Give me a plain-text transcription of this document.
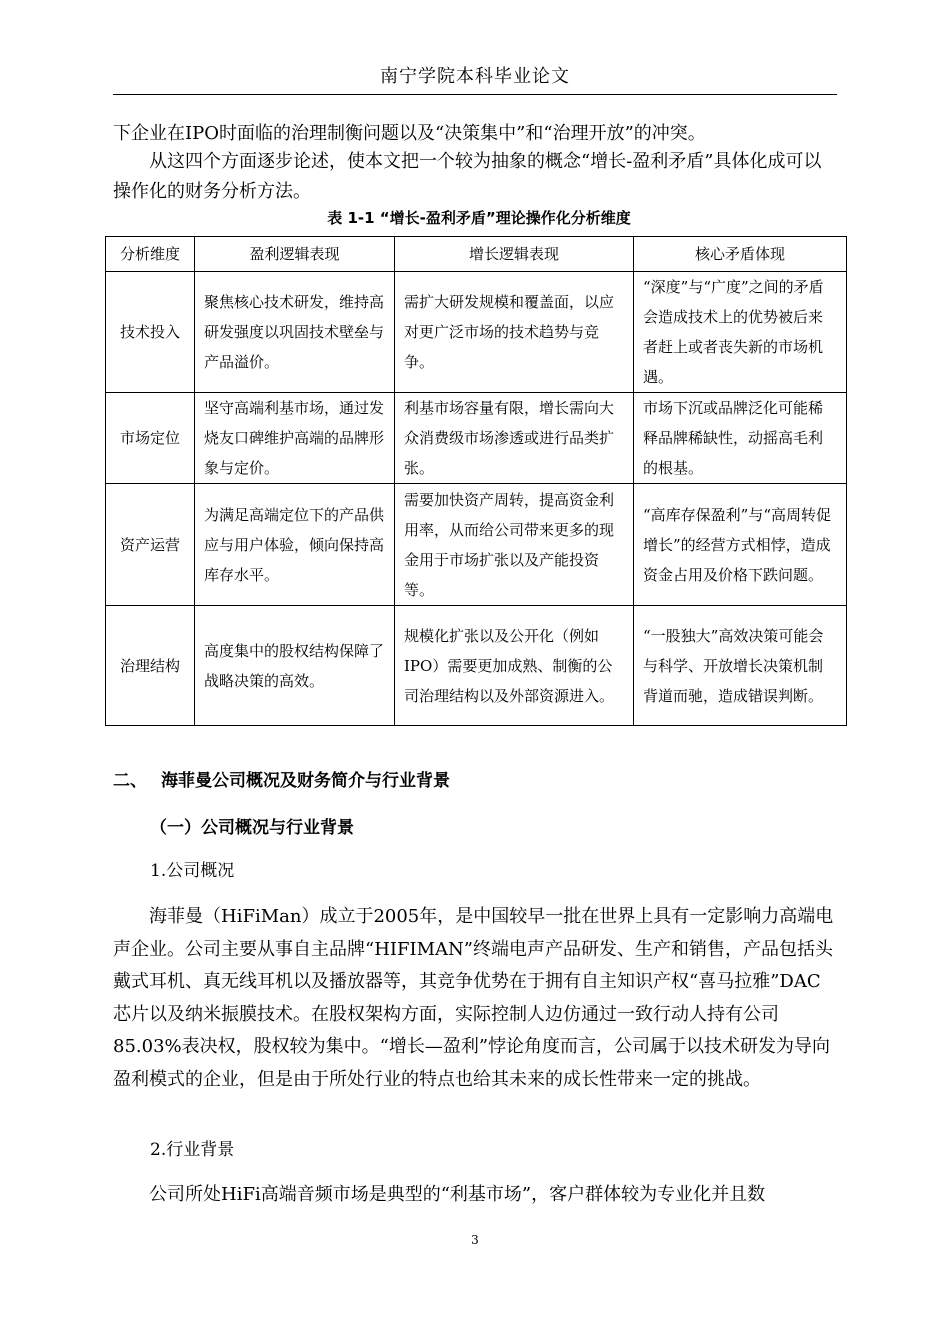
南宁学院本科毕业论文

下企业在IPO时面临的治理制衡问题以及“决策集中”和“治理开放”的冲突。

从这四个方面逐步论述，使本文把一个较为抽象的概念“增长-盈利矛盾”具体化成可以操作化的财务分析方法。

表 1-1 “增长-盈利矛盾”理论操作化分析维度
分析维度	盈利逻辑表现	增长逻辑表现	核心矛盾体现
技术投入	聚焦核心技术研发，维持高研发强度以巩固技术壁垒与产品溢价。	需扩大研发规模和覆盖面，以应对更广泛市场的技术趋势与竞争。	“深度”与“广度”之间的矛盾会造成技术上的优势被后来者赶上或者丧失新的市场机遇。
市场定位	坚守高端利基市场，通过发烧友口碑维护高端的品牌形象与定价。	利基市场容量有限，增长需向大众消费级市场渗透或进行品类扩张。	市场下沉或品牌泛化可能稀释品牌稀缺性，动摇高毛利的根基。
资产运营	为满足高端定位下的产品供应与用户体验，倾向保持高库存水平。	需要加快资产周转，提高资金利用率，从而给公司带来更多的现金用于市场扩张以及产能投资等。	“高库存保盈利”与“高周转促增长”的经营方式相悖，造成资金占用及价格下跌问题。
治理结构	高度集中的股权结构保障了战略决策的高效。	规模化扩张以及公开化（例如IPO）需要更加成熟、制衡的公司治理结构以及外部资源进入。	“一股独大”高效决策可能会与科学、开放增长决策机制背道而驰，造成错误判断。
二、 海菲曼公司概况及财务简介与行业背景
（一）公司概况与行业背景
1.公司概况

海菲曼（HiFiMan）成立于2005年，是中国较早一批在世界上具有一定影响力高端电声企业。公司主要从事自主品牌“HIFIMAN”终端电声产品研发、生产和销售，产品包括头戴式耳机、真无线耳机以及播放器等，其竞争优势在于拥有自主知识产权“喜马拉雅”DAC芯片以及纳米振膜技术。在股权架构方面，实际控制人边仿通过一致行动人持有公司85.03%表决权，股权较为集中。“增长—盈利”悖论角度而言，公司属于以技术研发为导向盈利模式的企业，但是由于所处行业的特点也给其未来的成长性带来一定的挑战。

2.行业背景

公司所处HiFi高端音频市场是典型的“利基市场”，客户群体较为专业化并且数

3
